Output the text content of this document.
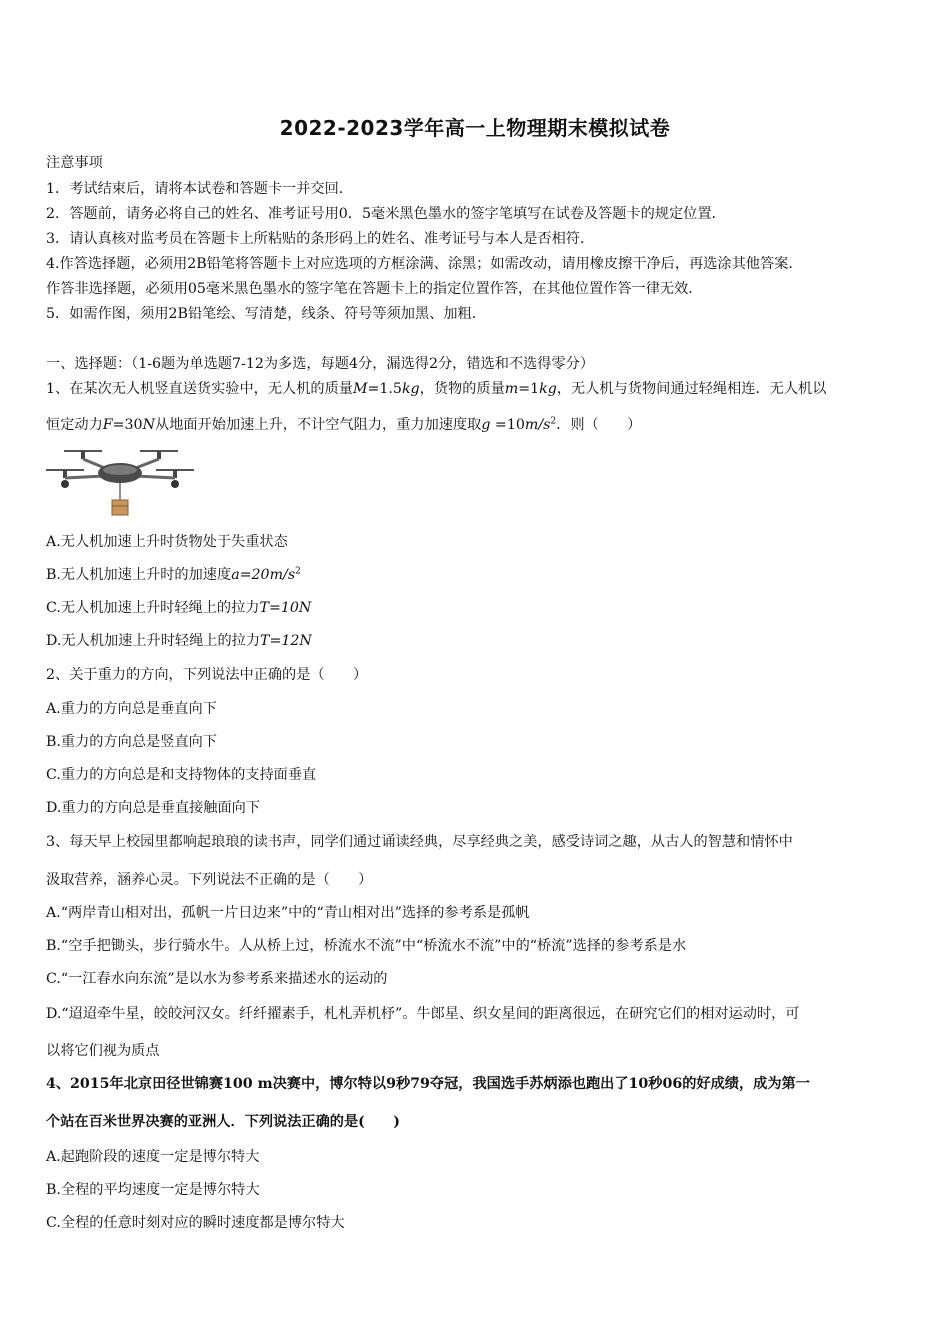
2022-2023学年高一上物理期末模拟试卷
注意事项
1．考试结束后，请将本试卷和答题卡一并交回．
2．答题前，请务必将自己的姓名、准考证号用0．5毫米黑色墨水的签字笔填写在试卷及答题卡的规定位置．
3．请认真核对监考员在答题卡上所粘贴的条形码上的姓名、准考证号与本人是否相符．
4.作答选择题，必须用2B铅笔将答题卡上对应选项的方框涂满、涂黑；如需改动，请用橡皮擦干净后，再选涂其他答案．
作答非选择题，必须用05毫米黑色墨水的签字笔在答题卡上的指定位置作答，在其他位置作答一律无效．
5．如需作图，须用2B铅笔绘、写清楚，线条、符号等须加黑、加粗．
一、选择题：（1-6题为单选题7-12为多选，每题4分，漏选得2分，错选和不选得零分）
1、在某次无人机竖直送货实验中，无人机的质量M=1.5kg，货物的质量m=1kg，无人机与货物间通过轻绳相连．无人机以
恒定动力F=30N从地面开始加速上升，不计空气阻力，重力加速度取$g =10m/s^2$．则（　　）
A.无人机加速上升时货物处于失重状态
B.无人机加速上升时的加速度$a=20m/s^2$
C.无人机加速上升时轻绳上的拉力T=10N
D.无人机加速上升时轻绳上的拉力T=12N
2、关于重力的方向，下列说法中正确的是（　　）
A.重力的方向总是垂直向下
B.重力的方向总是竖直向下
C.重力的方向总是和支持物体的支持面垂直
D.重力的方向总是垂直接触面向下
3、每天早上校园里都响起琅琅的读书声，同学们通过诵读经典，尽享经典之美，感受诗词之趣，从古人的智慧和情怀中
汲取营养，涵养心灵。下列说法不正确的是（　　）
A.“两岸青山相对出，孤帆一片日边来”中的“青山相对出”选择的参考系是孤帆
B.“空手把锄头，步行骑水牛。人从桥上过，桥流水不流”中“桥流水不流”中的“桥流”选择的参考系是水
C.“一江春水向东流”是以水为参考系来描述水的运动的
D.“迢迢牵牛星，皎皎河汉女。纤纤擢素手，札札弄机杼”。牛郎星、织女星间的距离很远，在研究它们的相对运动时，可
以将它们视为质点
4、2015年北京田径世锦赛100 m决赛中，博尔特以9秒79夺冠，我国选手苏炳添也跑出了10秒06的好成绩，成为第一
个站在百米世界决赛的亚洲人．下列说法正确的是(　　)
A.起跑阶段的速度一定是博尔特大
B.全程的平均速度一定是博尔特大
C.全程的任意时刻对应的瞬时速度都是博尔特大
